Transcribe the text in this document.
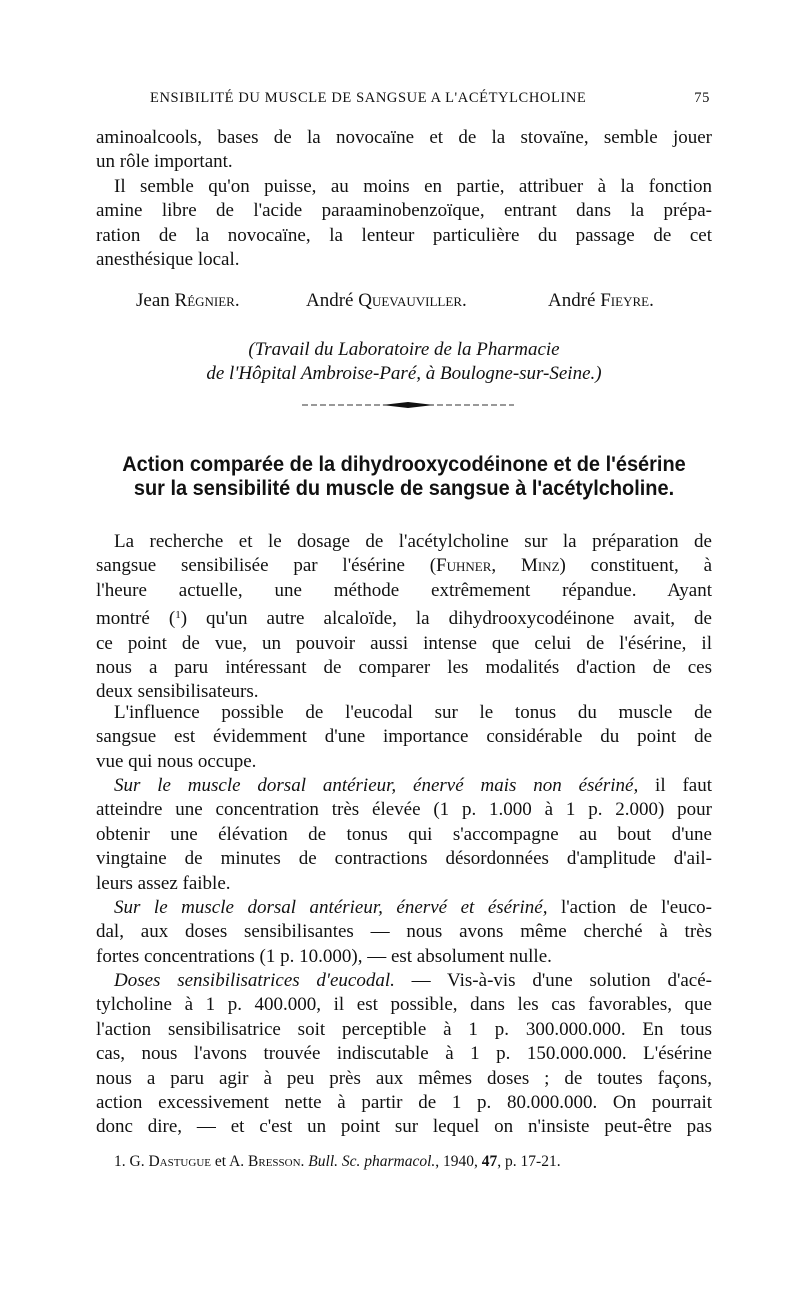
ENSIBILITÉ DU MUSCLE DE SANGSUE A L'ACÉTYLCHOLINE	75
aminoalcools, bases de la novocaïne et de la stovaïne, semble jouer
un rôle important.
Il semble qu'on puisse, au moins en partie, attribuer à la fonction
amine libre de l'acide paraaminobenzoïque, entrant dans la prépa-
ration de la novocaïne, la lenteur particulière du passage de cet
anesthésique local.
Jean Régnier.	André Quevauviller.	André Fieyre.
(Travail du Laboratoire de la Pharmacie
de l'Hôpital Ambroise-Paré, à Boulogne-sur-Seine.)
Action comparée de la dihydrooxycodéinone et de l'ésérine
sur la sensibilité du muscle de sangsue à l'acétylcholine.
La recherche et le dosage de l'acétylcholine sur la préparation de
sangsue sensibilisée par l'ésérine (Fuhner, Minz) constituent, à
l'heure actuelle, une méthode extrêmement répandue. Ayant
montré ($^1$) qu'un autre alcaloïde, la dihydrooxycodéinone avait, de
ce point de vue, un pouvoir aussi intense que celui de l'ésérine, il
nous a paru intéressant de comparer les modalités d'action de ces
deux sensibilisateurs.
L'influence possible de l'eucodal sur le tonus du muscle de
sangsue est évidemment d'une importance considérable du point de
vue qui nous occupe.
Sur le muscle dorsal antérieur, énervé mais non ésériné, il faut
atteindre une concentration très élevée (1 p. 1.000 à 1 p. 2.000) pour
obtenir une élévation de tonus qui s'accompagne au bout d'une
vingtaine de minutes de contractions désordonnées d'amplitude d'ail-
leurs assez faible.
Sur le muscle dorsal antérieur, énervé et ésériné, l'action de l'euco-
dal, aux doses sensibilisantes — nous avons même cherché à très
fortes concentrations (1 p. 10.000), — est absolument nulle.
Doses sensibilisatrices d'eucodal. — Vis-à-vis d'une solution d'acé-
tylcholine à 1 p. 400.000, il est possible, dans les cas favorables, que
l'action sensibilisatrice soit perceptible à 1 p. 300.000.000. En tous
cas, nous l'avons trouvée indiscutable à 1 p. 150.000.000. L'ésérine
nous a paru agir à peu près aux mêmes doses ; de toutes façons,
action excessivement nette à partir de 1 p. 80.000.000. On pourrait
donc dire, — et c'est un point sur lequel on n'insiste peut-être pas
1. G. Dastugue et A. Bresson. Bull. Sc. pharmacol., 1940, 47, p. 17-21.
